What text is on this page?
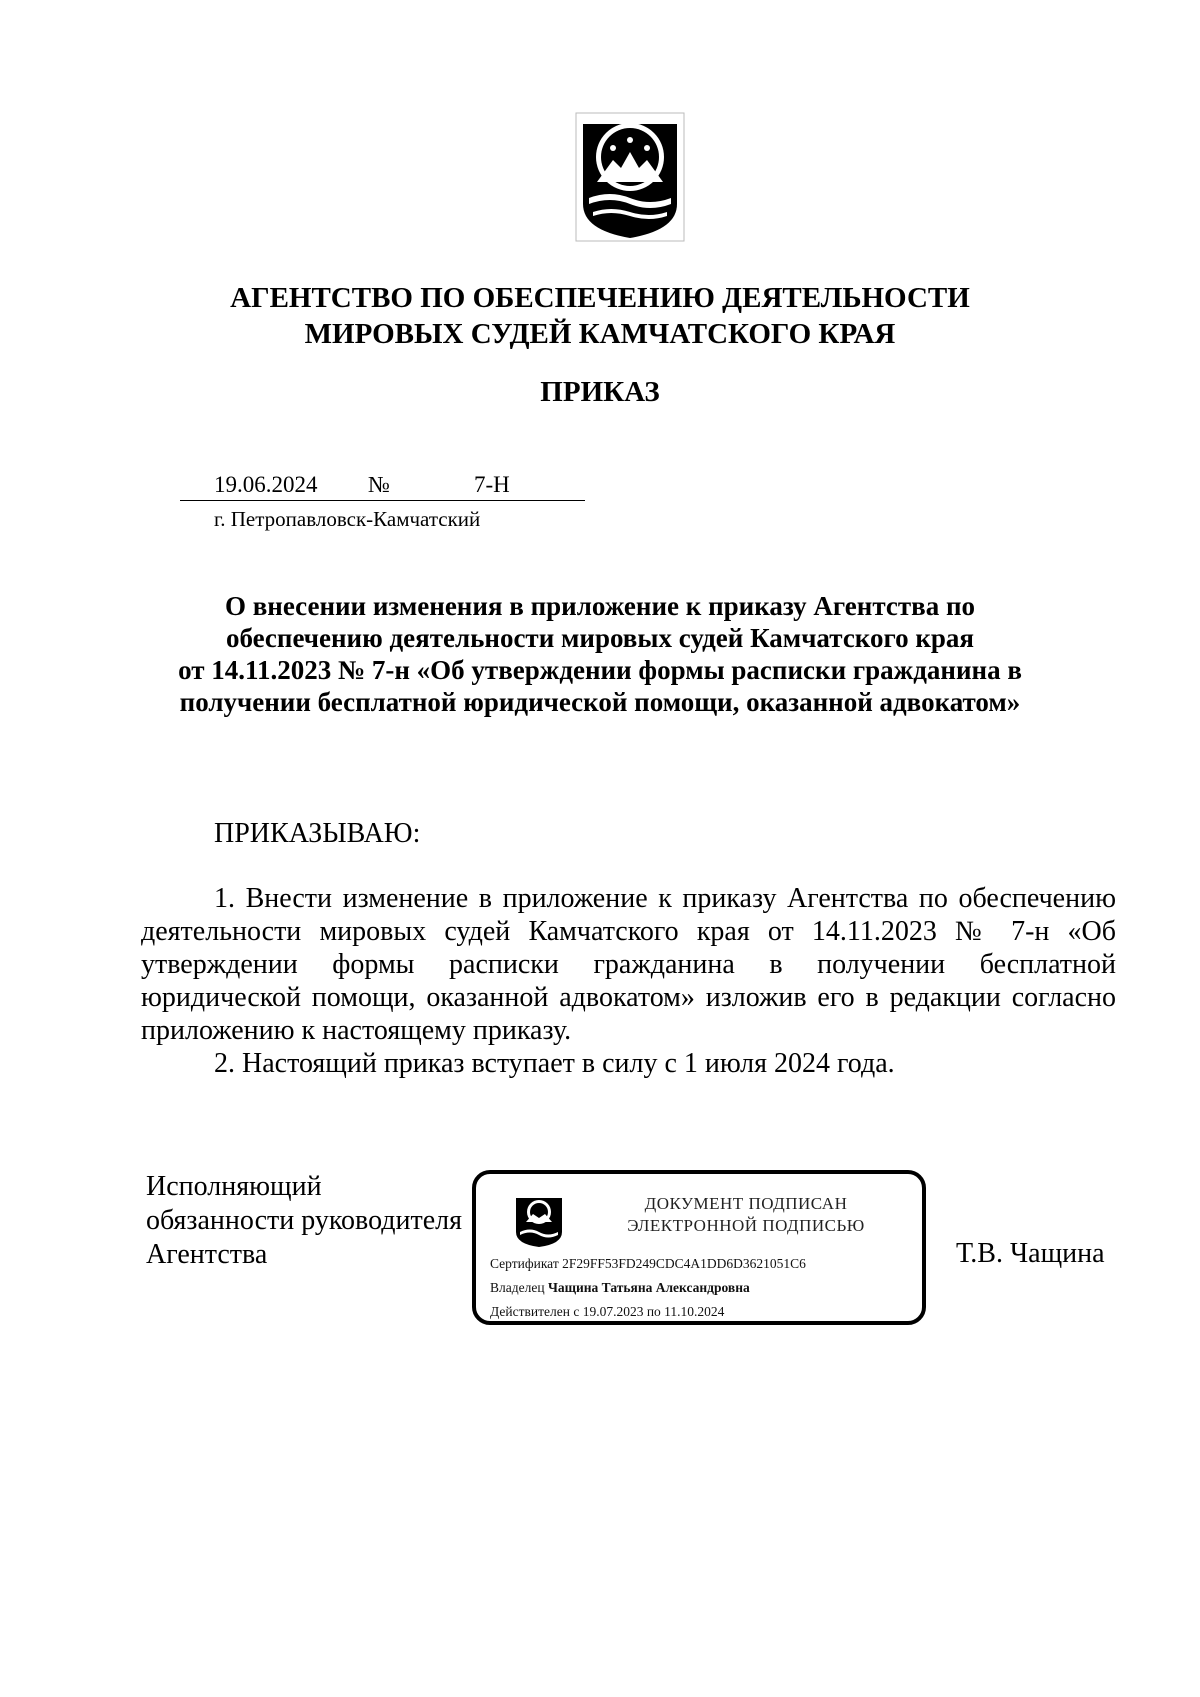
АГЕНТСТВО ПО ОБЕСПЕЧЕНИЮ ДЕЯТЕЛЬНОСТИ
МИРОВЫХ СУДЕЙ КАМЧАТСКОГО КРАЯ
ПРИКАЗ
19.06.2024 №	7-Н
г. Петропавловск-Камчатский
О внесении изменения в приложение к приказу Агентства по
обеспечению деятельности мировых судей Камчатского края
от 14.11.2023 № 7-н «Об утверждении формы расписки гражданина в
получении бесплатной юридической помощи, оказанной адвокатом»
ПРИКАЗЫВАЮ:
1. Внести изменение в приложение к приказу Агентства по обеспечению
деятельности мировых судей Камчатского края от 14.11.2023 № 7-н «Об
утверждении формы расписки гражданина в получении бесплатной
юридической помощи, оказанной адвокатом» изложив его в редакции согласно
приложению к настоящему приказу.
2. Настоящий приказ вступает в силу с 1 июля 2024 года.
Исполняющий
обязанности руководителя
Агентства	Т.В. Чащина
ДОКУМЕНТ ПОДПИСАН
ЭЛЕКТРОННОЙ ПОДПИСЬЮ
Сертификат 2F29FF53FD249CDC4A1DD6D3621051C6
Владелец Чащина Татьяна Александровна
Действителен с 19.07.2023 по 11.10.2024
